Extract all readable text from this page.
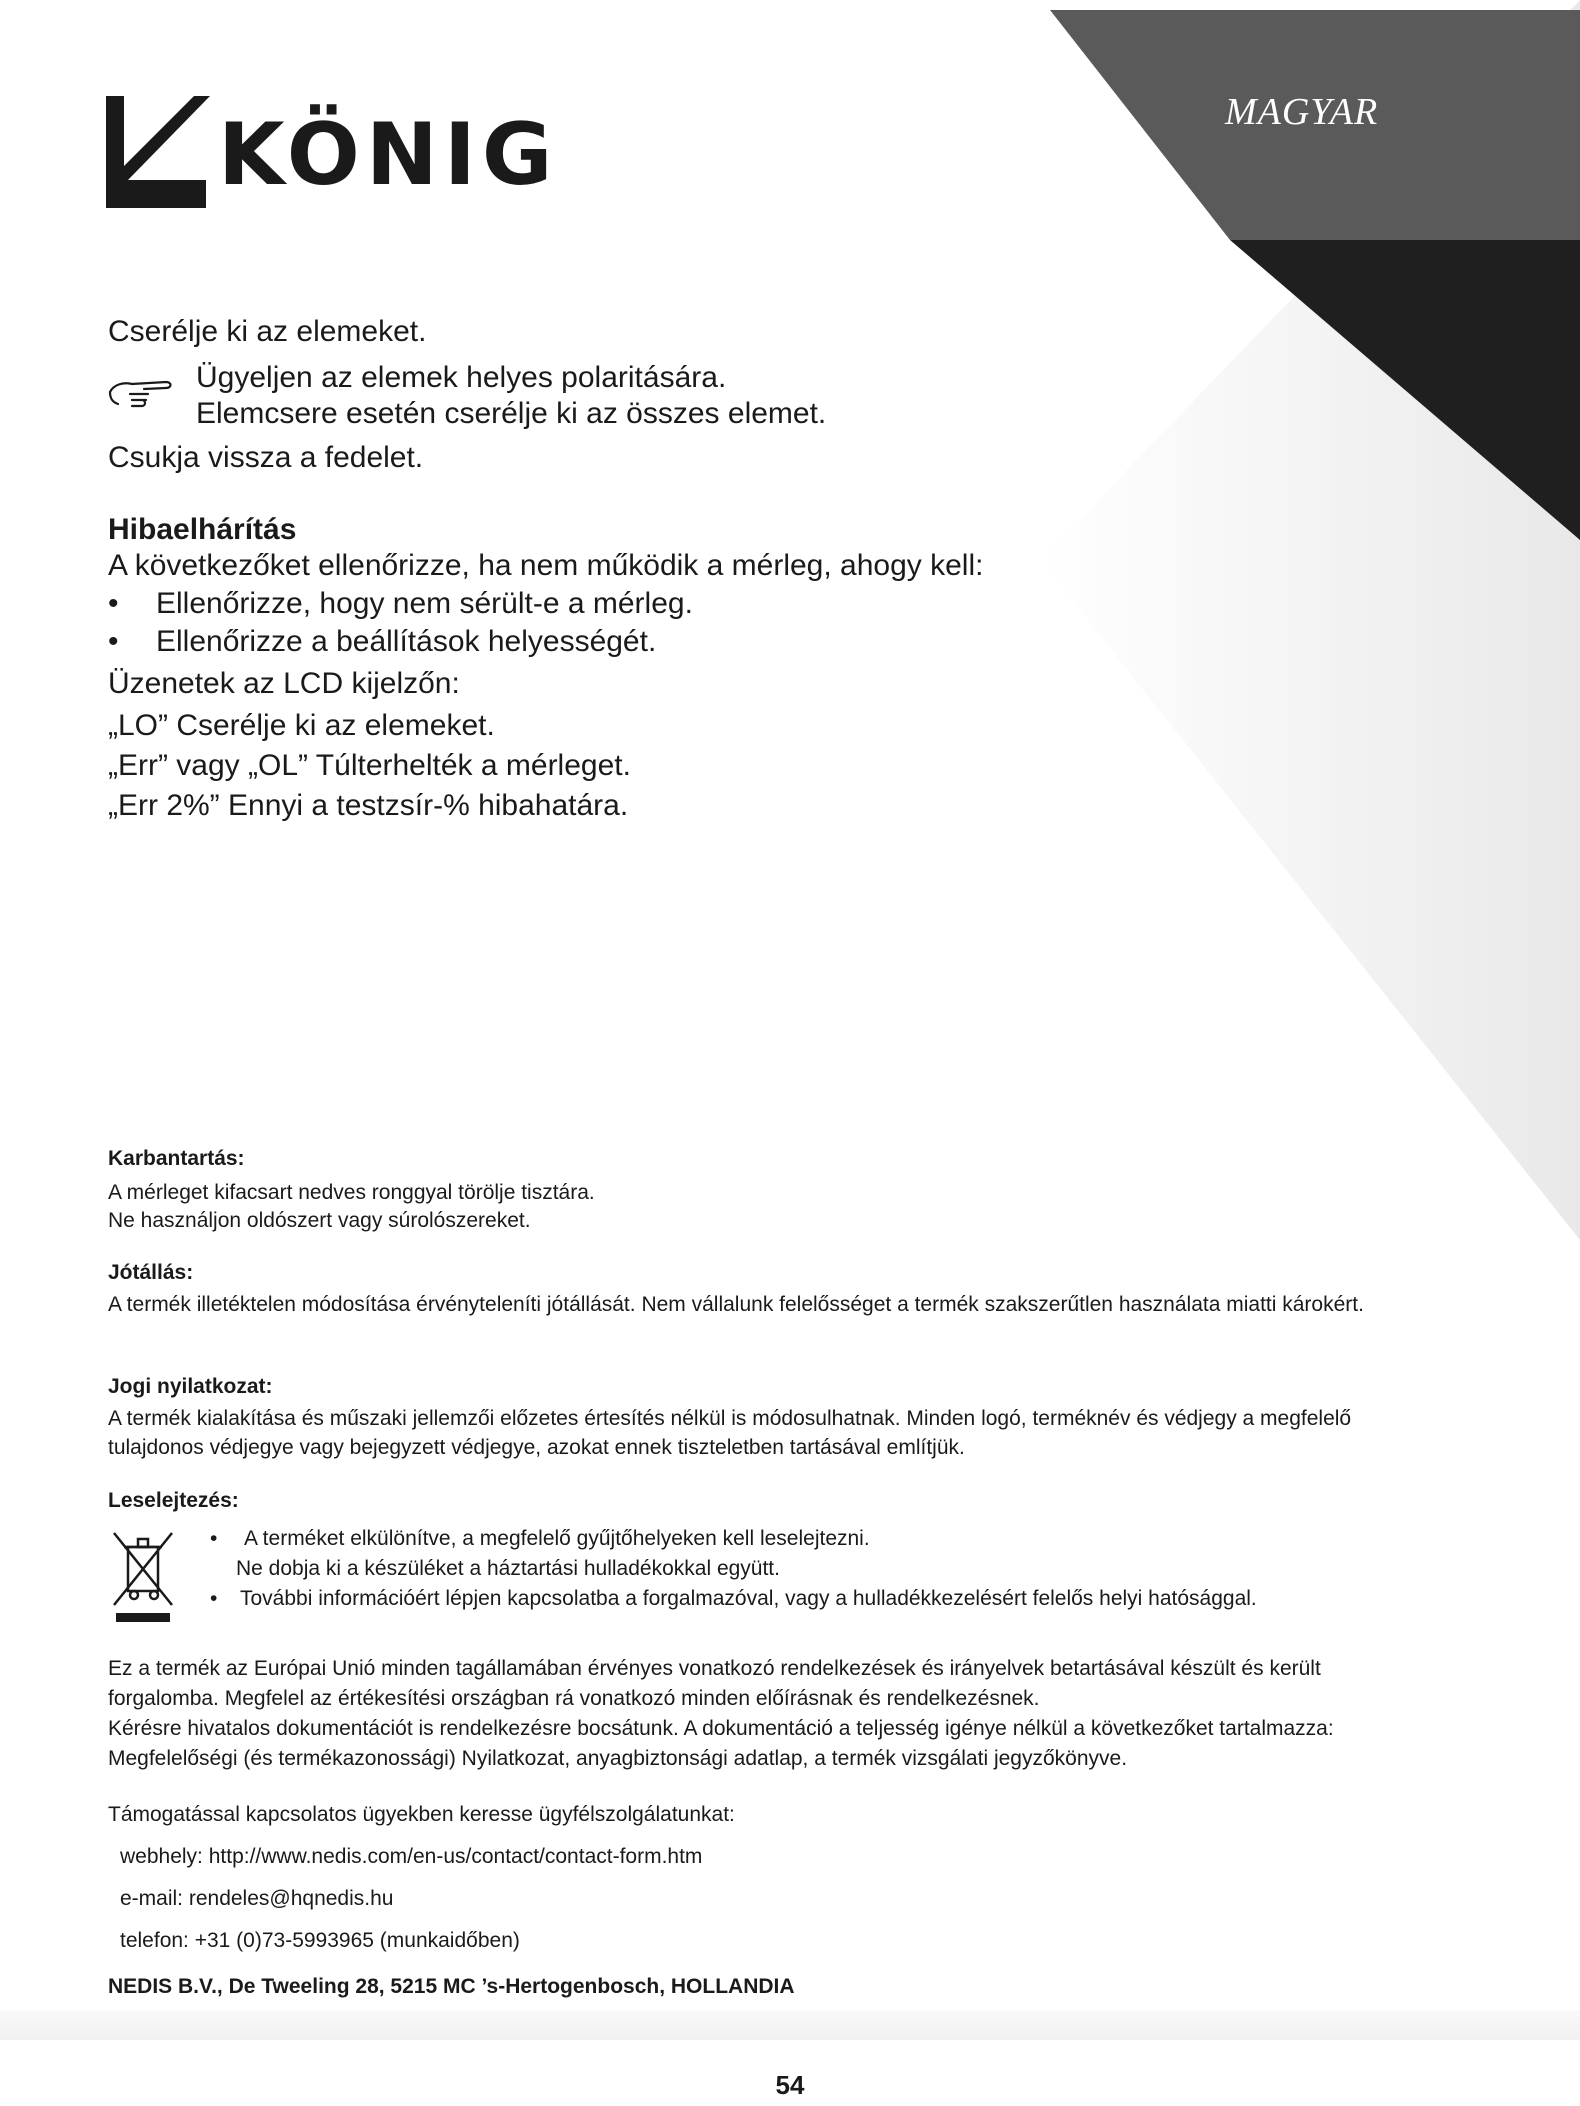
KÖNIG	MAGYAR
Cserélje ki az elemeket.
Ügyeljen az elemek helyes polaritására.
Elemcsere esetén cserélje ki az összes elemet.
Csukja vissza a fedelet.
Hibaelhárítás
A következőket ellenőrizze, ha nem működik a mérleg, ahogy kell:
• Ellenőrizze, hogy nem sérült-e a mérleg.
• Ellenőrizze a beállítások helyességét.
Üzenetek az LCD kijelzőn:
„LO” Cserélje ki az elemeket.
„Err” vagy „OL” Túlterhelték a mérleget.
„Err 2%” Ennyi a testzsír-% hibahatára.
Karbantartás:
A mérleget kifacsart nedves ronggyal törölje tisztára.
Ne használjon oldószert vagy súrolószereket.
Jótállás:
A termék illetéktelen módosítása érvényteleníti jótállását. Nem vállalunk felelősséget a termék szakszerűtlen használata miatti károkért.
Jogi nyilatkozat:
A termék kialakítása és műszaki jellemzői előzetes értesítés nélkül is módosulhatnak. Minden logó, terméknév és védjegy a megfelelő tulajdonos védjegye vagy bejegyzett védjegye, azokat ennek tiszteletben tartásával említjük.
Leselejtezés:
• A terméket elkülönítve, a megfelelő gyűjtőhelyeken kell leselejtezni.
Ne dobja ki a készüléket a háztartási hulladékokkal együtt.
• További információért lépjen kapcsolatba a forgalmazóval, vagy a hulladékkezelésért felelős helyi hatósággal.
Ez a termék az Európai Unió minden tagállamában érvényes vonatkozó rendelkezések és irányelvek betartásával készült és került
forgalomba. Megfelel az értékesítési országban rá vonatkozó minden előírásnak és rendelkezésnek.
Kérésre hivatalos dokumentációt is rendelkezésre bocsátunk. A dokumentáció a teljesség igénye nélkül a következőket tartalmazza:
Megfelelőségi (és termékazonossági) Nyilatkozat, anyagbiztonsági adatlap, a termék vizsgálati jegyzőkönyve.
Támogatással kapcsolatos ügyekben keresse ügyfélszolgálatunkat:
webhely: http://www.nedis.com/en-us/contact/contact-form.htm
e-mail: rendeles@hqnedis.hu
telefon: +31 (0)73-5993965 (munkaidőben)
NEDIS B.V., De Tweeling 28, 5215 MC ’s-Hertogenbosch, HOLLANDIA
54
